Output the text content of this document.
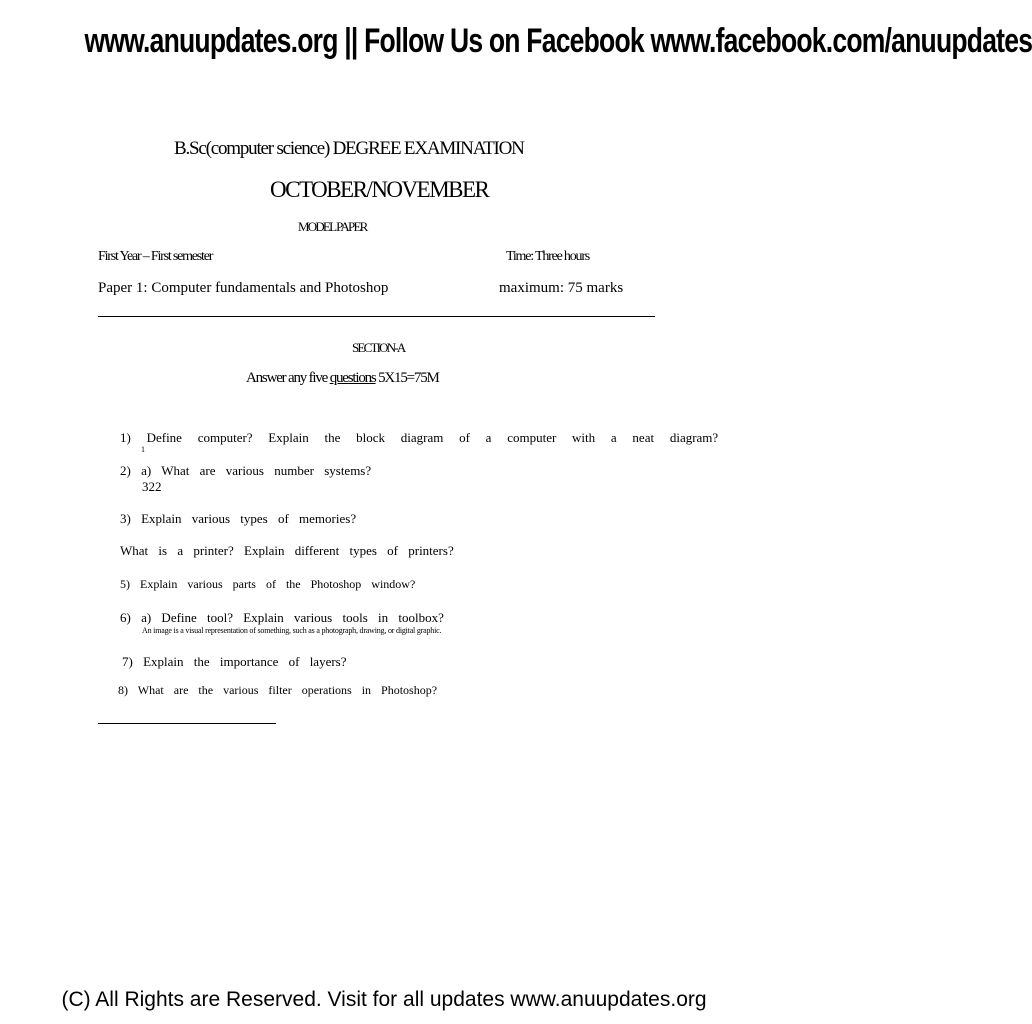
www.anuupdates.org || Follow Us on Facebook www.facebook.com/anuupdates
B.Sc(computer science) DEGREE EXAMINATION
OCTOBER/NOVEMBER
MODEL PAPER
First Year – First semester	Time: Three hours
Paper 1: Computer fundamentals and Photoshop	maximum: 75 marks
SECTION-A
Answer any five questions 5X15=75M
1) Define computer? Explain the block diagram of a computer with a neat diagram?
1
2) a) What are various number systems?
322
3) Explain various types of memories?
What is a printer? Explain different types of printers?
5) Explain various parts of the Photoshop window?
6) a) Define tool? Explain various tools in toolbox?
An image is a visual representation of something, such as a photograph, drawing, or digital graphic.
7) Explain the importance of layers?
8) What are the various filter operations in Photoshop?
(C) All Rights are Reserved. Visit for all updates www.anuupdates.org
